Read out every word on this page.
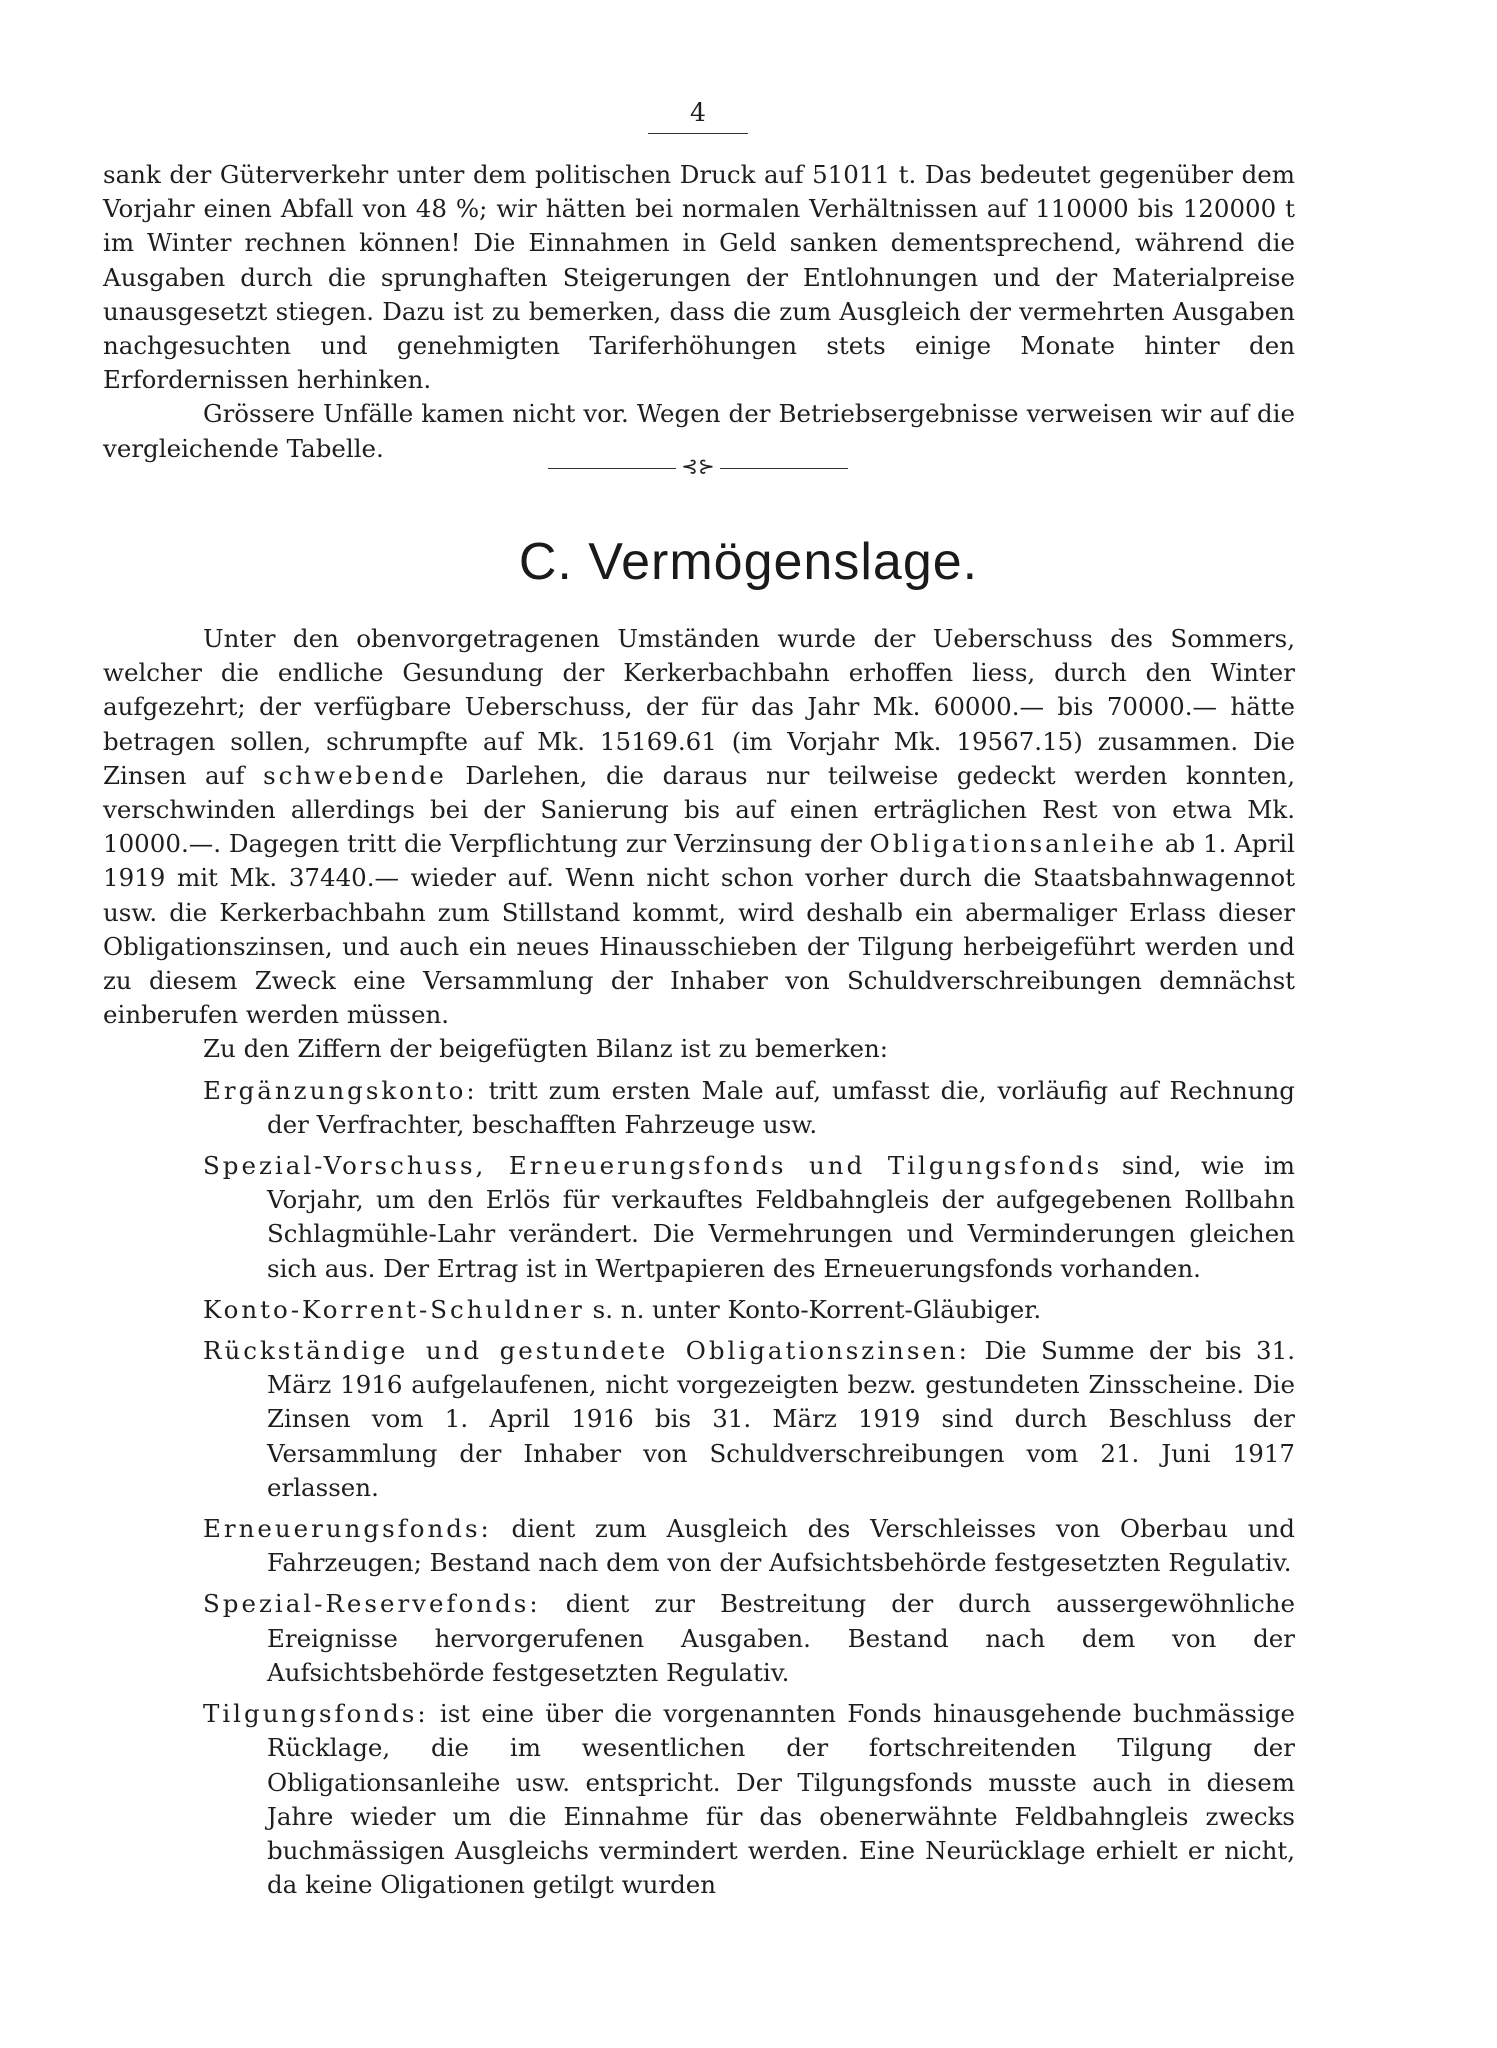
4

sank der Güterverkehr unter dem politischen Druck auf 51011 t. Das bedeutet gegenüber dem Vorjahr einen Abfall von 48 %; wir hätten bei normalen Verhältnissen auf 110000 bis 120000 t im Winter rechnen können! Die Einnahmen in Geld sanken dementsprechend, während die Ausgaben durch die sprunghaften Steigerungen der Entlohnungen und der Materialpreise unausgesetzt stiegen. Dazu ist zu bemerken, dass die zum Ausgleich der vermehrten Ausgaben nachgesuchten und genehmigten Tariferhöhungen stets einige Monate hinter den Erfordernissen herhinken.

Grössere Unfälle kamen nicht vor. Wegen der Betriebsergebnisse verweisen wir auf die vergleichende Tabelle.

⊰⊱
C. Vermögenslage.

Unter den obenvorgetragenen Umständen wurde der Ueberschuss des Sommers, welcher die endliche Gesundung der Kerkerbachbahn erhoffen liess, durch den Winter aufgezehrt; der verfügbare Ueberschuss, der für das Jahr Mk. 60000.— bis 70000.— hätte betragen sollen, schrumpfte auf Mk. 15169.61 (im Vorjahr Mk. 19567.15) zusammen. Die Zinsen auf schwebende Darlehen, die daraus nur teilweise gedeckt werden konnten, verschwinden allerdings bei der Sanierung bis auf einen erträglichen Rest von etwa Mk. 10000.—. Dagegen tritt die Verpflichtung zur Verzinsung der Obligationsanleihe ab 1. April 1919 mit Mk. 37440.— wieder auf. Wenn nicht schon vorher durch die Staatsbahnwagennot usw. die Kerkerbachbahn zum Stillstand kommt, wird deshalb ein abermaliger Erlass dieser Obligationszinsen, und auch ein neues Hinausschieben der Tilgung herbeigeführt werden und zu diesem Zweck eine Versammlung der Inhaber von Schuldverschreibungen demnächst einberufen werden müssen.

Zu den Ziffern der beigefügten Bilanz ist zu bemerken:

Ergänzungskonto: tritt zum ersten Male auf, umfasst die, vorläufig auf Rechnung der Verfrachter, beschafften Fahrzeuge usw.

Spezial-Vorschuss, Erneuerungsfonds und Tilgungsfonds sind, wie im Vorjahr, um den Erlös für verkauftes Feldbahngleis der aufgegebenen Rollbahn Schlagmühle-Lahr verändert. Die Vermehrungen und Verminderungen gleichen sich aus. Der Ertrag ist in Wertpapieren des Erneuerungsfonds vorhanden.

Konto-Korrent-Schuldner s. n. unter Konto-Korrent-Gläubiger.

Rückständige und gestundete Obligationszinsen: Die Summe der bis 31. März 1916 aufgelaufenen, nicht vorgezeigten bezw. gestundeten Zinsscheine. Die Zinsen vom 1. April 1916 bis 31. März 1919 sind durch Beschluss der Versammlung der Inhaber von Schuldverschreibungen vom 21. Juni 1917 erlassen.

Erneuerungsfonds: dient zum Ausgleich des Verschleisses von Oberbau und Fahrzeugen; Bestand nach dem von der Aufsichtsbehörde festgesetzten Regulativ.

Spezial-Reservefonds: dient zur Bestreitung der durch aussergewöhnliche Ereignisse hervorgerufenen Ausgaben. Bestand nach dem von der Aufsichtsbehörde festgesetzten Regulativ.

Tilgungsfonds: ist eine über die vorgenannten Fonds hinausgehende buchmässige Rücklage, die im wesentlichen der fortschreitenden Tilgung der Obligationsanleihe usw. entspricht. Der Tilgungsfonds musste auch in diesem Jahre wieder um die Einnahme für das obenerwähnte Feldbahngleis zwecks buchmässigen Ausgleichs vermindert werden. Eine Neurücklage erhielt er nicht, da keine Oligationen getilgt wurden
